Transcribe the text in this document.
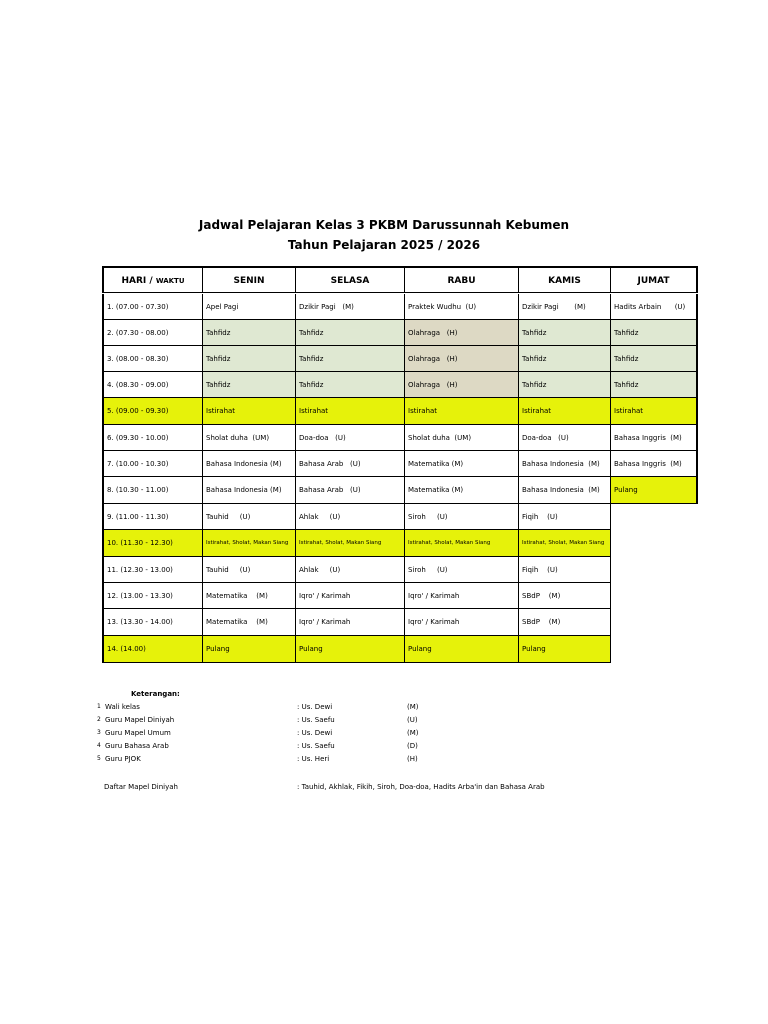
Jadwal Pelajaran Kelas 3 PKBM Darussunnah Kebumen
Tahun Pelajaran 2025 / 2026
HARI / WAKTU	SENIN	SELASA	RABU	KAMIS	JUMAT
1. (07.00 - 07.30)	Apel Pagi	Dzikir Pagi   (M)	Praktek Wudhu  (U)	Dzikir Pagi       (M)	Hadits Arbain      (U)
2. (07.30 - 08.00)	Tahfidz	Tahfidz	Olahraga   (H)	Tahfidz	Tahfidz
3. (08.00 - 08.30)	Tahfidz	Tahfidz	Olahraga   (H)	Tahfidz	Tahfidz
4. (08.30 - 09.00)	Tahfidz	Tahfidz	Olahraga   (H)	Tahfidz	Tahfidz
5. (09.00 - 09.30)	Istirahat	Istirahat	Istirahat	Istirahat	Istirahat
6. (09.30 - 10.00)	Sholat duha  (UM)	Doa-doa   (U)	Sholat duha  (UM)	Doa-doa   (U)	Bahasa Inggris  (M)
7. (10.00 - 10.30)	Bahasa Indonesia (M)	Bahasa Arab   (U)	Matematika (M)	Bahasa Indonesia  (M)	Bahasa Inggris  (M)
8. (10.30 - 11.00)	Bahasa Indonesia (M)	Bahasa Arab   (U)	Matematika (M)	Bahasa Indonesia  (M)	Pulang
9. (11.00 - 11.30)	Tauhid     (U)	Ahlak     (U)	Siroh     (U)	Fiqih    (U)
10. (11.30 - 12.30)	Istirahat, Sholat, Makan Siang	Istirahat, Sholat, Makan Siang	Istirahat, Sholat, Makan Siang	Istirahat, Sholat, Makan Siang
11. (12.30 - 13.00)	Tauhid     (U)	Ahlak     (U)	Siroh     (U)	Fiqih    (U)
12. (13.00 - 13.30)	Matematika    (M)	Iqro' / Karimah	Iqro' / Karimah	SBdP    (M)
13. (13.30 - 14.00)	Matematika    (M)	Iqro' / Karimah	Iqro' / Karimah	SBdP    (M)
14. (14.00)	Pulang	Pulang	Pulang	Pulang
Keterangan:
1 Wali kelas	: Us. Dewi	(M)
2 Guru Mapel Diniyah	: Us. Saefu	(U)
3 Guru Mapel Umum	: Us. Dewi	(M)
4 Guru Bahasa Arab	: Us. Saefu	(D)
5 Guru PJOK	: Us. Heri	(H)
Daftar Mapel Diniyah	: Tauhid, Akhlak, Fikih, Siroh, Doa-doa, Hadits Arba'in dan Bahasa Arab
